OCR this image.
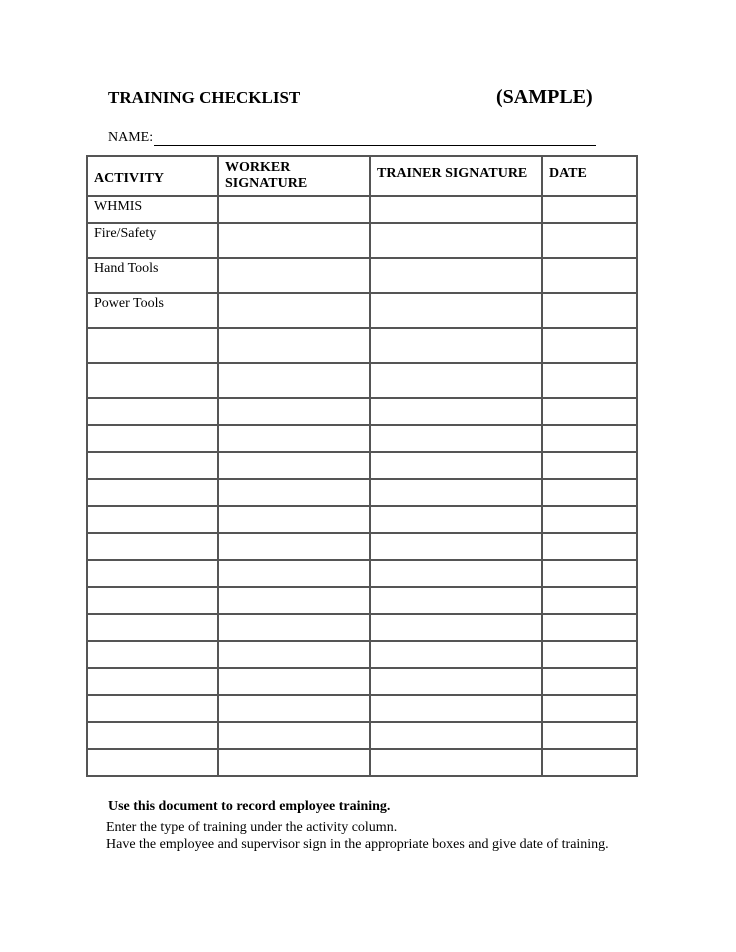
TRAINING CHECKLIST	(SAMPLE)
NAME:
ACTIVITY	WORKER SIGNATURE	TRAINER SIGNATURE	DATE
WHMIS			
Fire/Safety			
Hand Tools			
Power Tools			

Use this document to record employee training.
Enter the type of training under the activity column.
Have the employee and supervisor sign in the appropriate boxes and give date of training.
